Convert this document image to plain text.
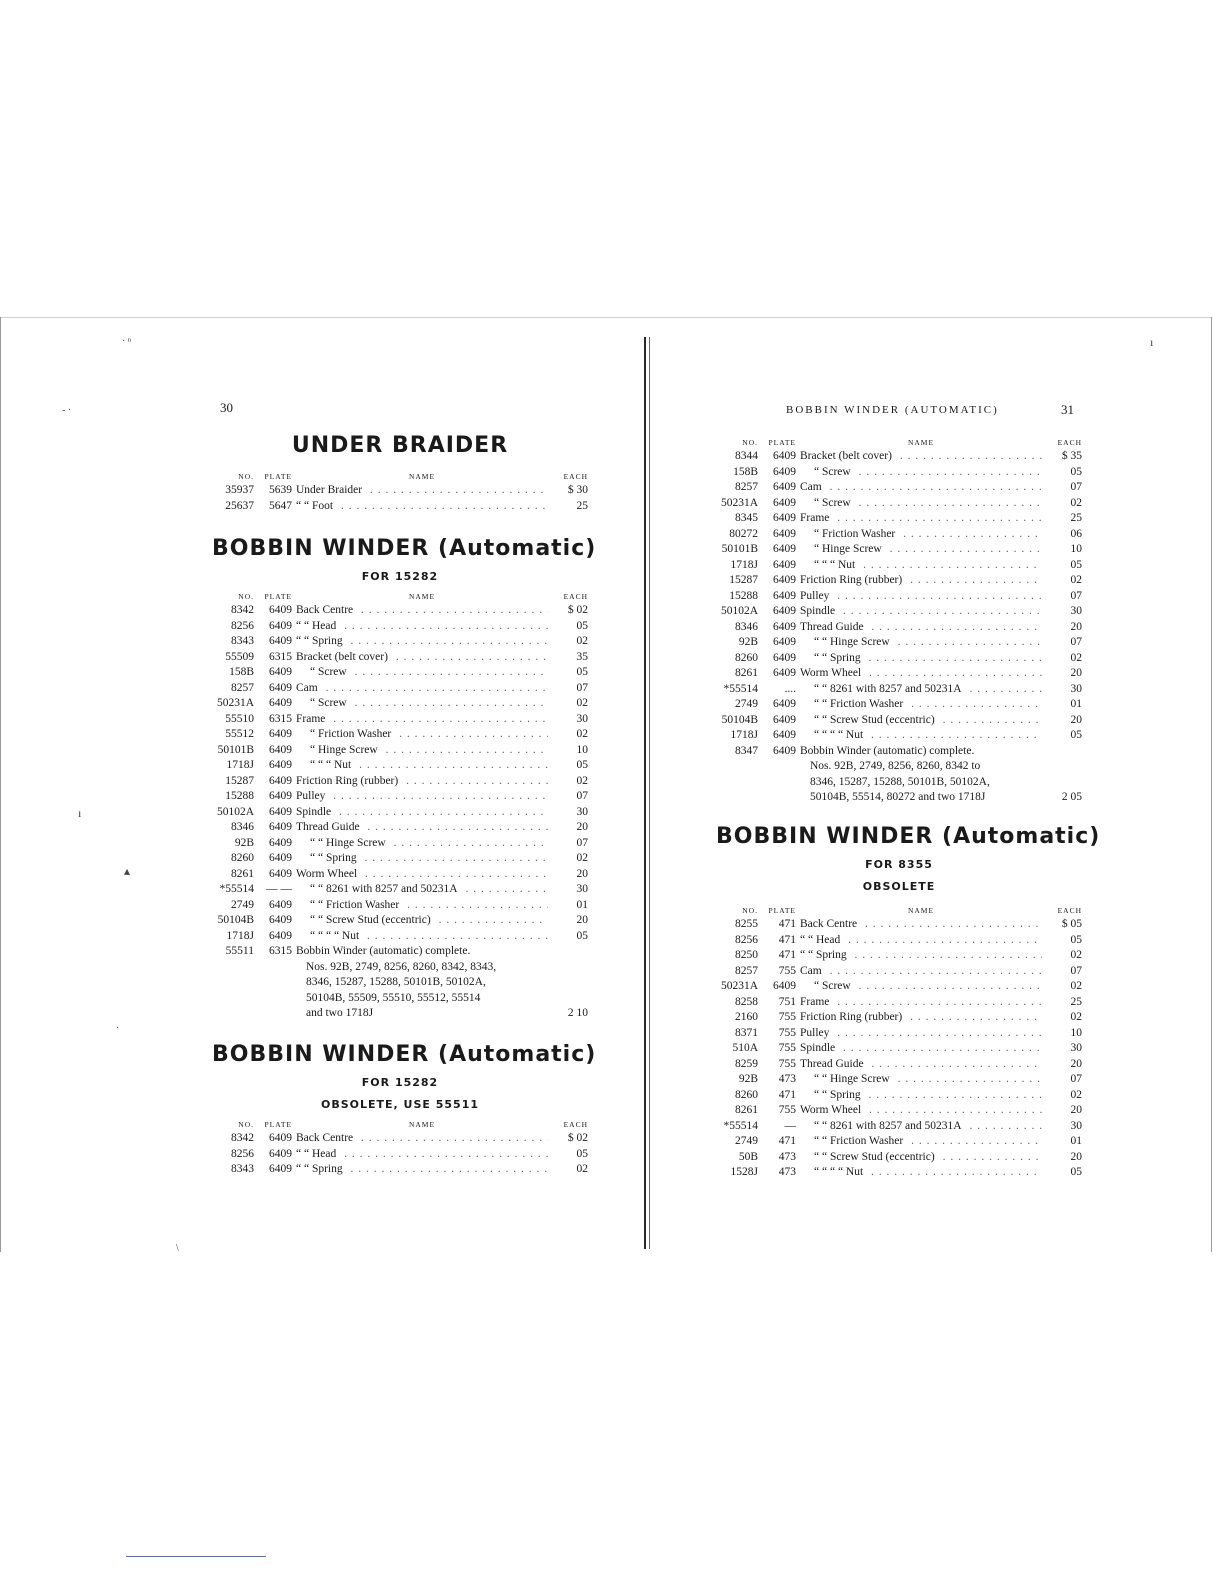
· ⁿ
- ·
ı
▴
·
\
ı
30
UNDER BRAIDER
NO.	PLATE	NAME	EACH
35937	5639 Under Braider . . .	$ 30
25637	5647 “ “ Foot . . .	25
BOBBIN WINDER (Automatic)
FOR 15282
NO.	PLATE	NAME	EACH
8342	6409 Back Centre . . .	$ 02
8256	6409 “ “ Head . . .	05
8343	6409 “ “ Spring . . .	02
55509	6315 Bracket (belt cover) . . .	35
158B	6409	“ Screw . . .	05
8257	6409 Cam . . .	07
50231A	6409	“ Screw . . .	02
55510	6315 Frame . . .	30
55512	6409	“ Friction Washer . . .	02
50101B	6409	“ Hinge Screw . . .	10
1718J	6409	“ “ “ Nut . . .	05
15287	6409 Friction Ring (rubber) . . .	02
15288	6409 Pulley . . .	07
50102A	6409 Spindle . . .	30
8346	6409 Thread Guide . . .	20
92B	6409	“ “ Hinge Screw . . .	07
8260	6409	“ “ Spring . . .	02
8261	6409 Worm Wheel . . .	20
*55514	— —	“ “ 8261 with 8257 and 50231A . . .	30
2749	6409	“ “ Friction Washer . . .	01
50104B	6409	“ “ Screw Stud (eccentric) . . .	20
1718J	6409	“ “ “ “ Nut . . .	05
55511	6315 Bobbin Winder (automatic) complete.
Nos. 92B, 2749, 8256, 8260, 8342, 8343,
8346, 15287, 15288, 50101B, 50102A,
50104B, 55509, 55510, 55512, 55514
and two 1718J	2 10
BOBBIN WINDER (Automatic)
FOR 15282
OBSOLETE, USE 55511
NO.	PLATE	NAME	EACH
8342	6409 Back Centre . . .	$ 02
8256	6409 “ “ Head . . .	05
8343	6409 “ “ Spring . . .	02
BOBBIN WINDER (AUTOMATIC)	31
NO.	PLATE	NAME	EACH
8344	6409 Bracket (belt cover) . . .	$ 35
158B	6409	“ Screw . . .	05
8257	6409 Cam . . .	07
50231A	6409	“ Screw . . .	02
8345	6409 Frame . . .	25
80272	6409	“ Friction Washer . . .	06
50101B	6409	“ Hinge Screw . . .	10
1718J	6409	“ “ “ Nut . . .	05
15287	6409 Friction Ring (rubber) . . .	02
15288	6409 Pulley . . .	07
50102A	6409 Spindle . . .	30
8346	6409 Thread Guide . . .	20
92B	6409	“ “ Hinge Screw . . .	07
8260	6409	“ “ Spring . . .	02
8261	6409 Worm Wheel . . .	20
*55514	....	“ “ 8261 with 8257 and 50231A . . .	30
2749	6409	“ “ Friction Washer . . .	01
50104B	6409	“ “ Screw Stud (eccentric) . . .	20
1718J	6409	“ “ “ “ Nut . . .	05
8347	6409 Bobbin Winder (automatic) complete.
Nos. 92B, 2749, 8256, 8260, 8342 to
8346, 15287, 15288, 50101B, 50102A,
50104B, 55514, 80272 and two 1718J	2 05
BOBBIN WINDER (Automatic)
FOR 8355
OBSOLETE
NO.	PLATE	NAME	EACH
8255	471 Back Centre . . .	$ 05
8256	471 “ “ Head . . .	05
8250	471 “ “ Spring . . .	02
8257	755 Cam . . .	07
50231A	6409	“ Screw . . .	02
8258	751 Frame . . .	25
2160	755 Friction Ring (rubber) . . .	02
8371	755 Pulley . . .	10
510A	755 Spindle . . .	30
8259	755 Thread Guide . . .	20
92B	473	“ “ Hinge Screw . . .	07
8260	471	“ “ Spring . . .	02
8261	755 Worm Wheel . . .	20
*55514	—	“ “ 8261 with 8257 and 50231A . . .	30
2749	471	“ “ Friction Washer . . .	01
50B	473	“ “ Screw Stud (eccentric) . . .	20
1528J	473	“ “ “ “ Nut . . .	05
